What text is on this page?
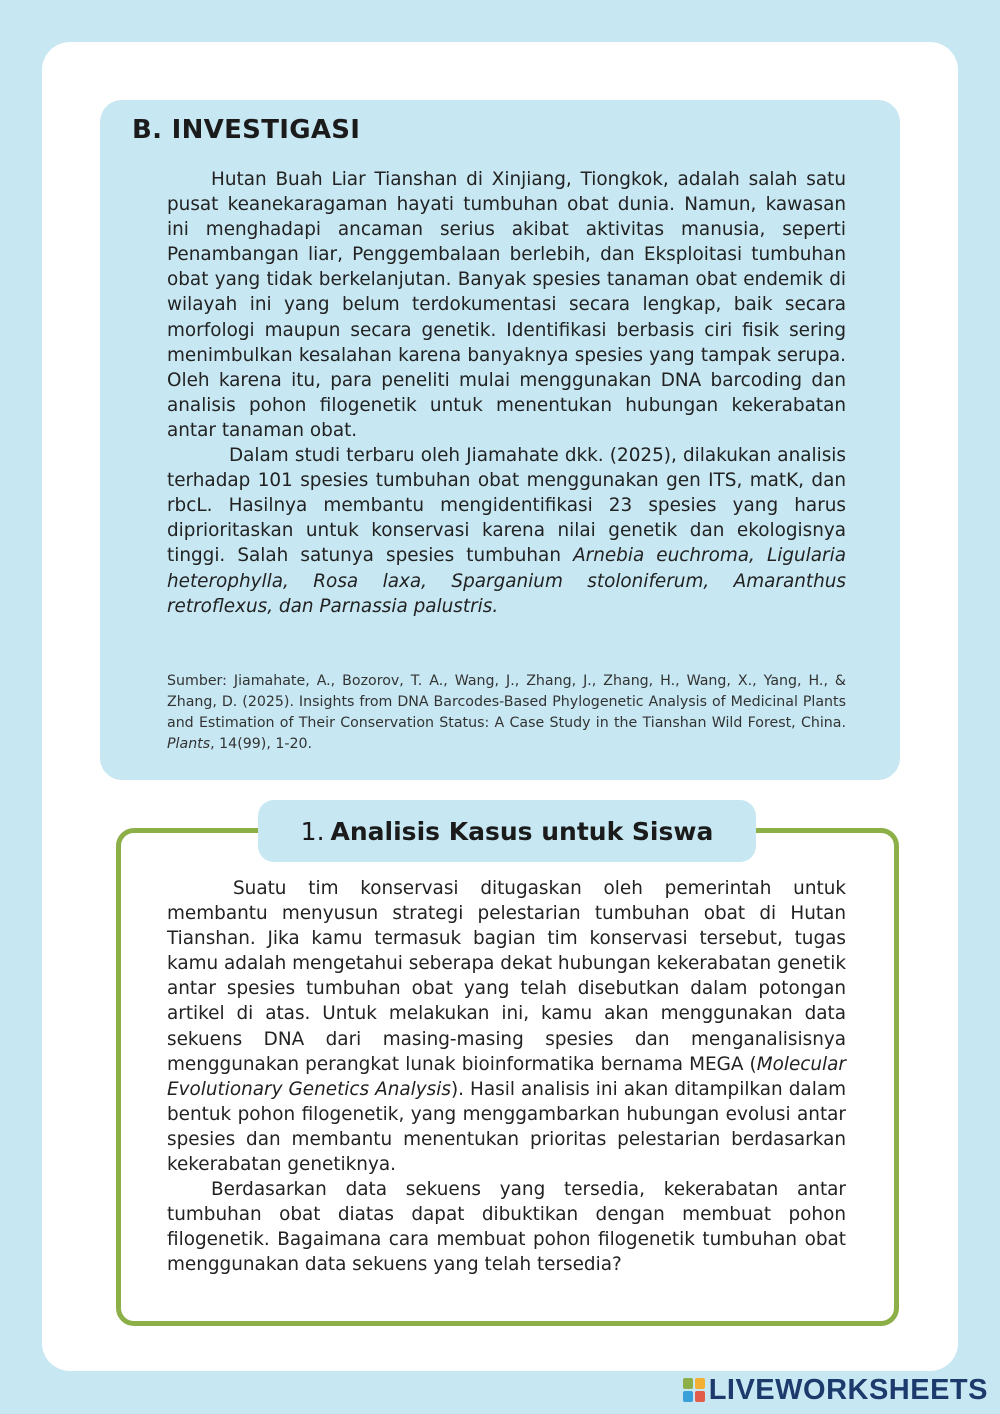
B. INVESTIGASI

Hutan Buah Liar Tianshan di Xinjiang, Tiongkok, adalah salah satu pusat keanekaragaman hayati tumbuhan obat dunia. Namun, kawasan ini menghadapi ancaman serius akibat aktivitas manusia, seperti Penambangan liar, Penggembalaan berlebih, dan Eksploitasi tumbuhan obat yang tidak berkelanjutan. Banyak spesies tanaman obat endemik di wilayah ini yang belum terdokumentasi secara lengkap, baik secara morfologi maupun secara genetik. Identifikasi berbasis ciri fisik sering menimbulkan kesalahan karena banyaknya spesies yang tampak serupa. Oleh karena itu, para peneliti mulai menggunakan DNA barcoding dan analisis pohon filogenetik untuk menentukan hubungan kekerabatan antar tanaman obat.

Dalam studi terbaru oleh Jiamahate dkk. (2025), dilakukan analisis terhadap 101 spesies tumbuhan obat menggunakan gen ITS, matK, dan rbcL. Hasilnya membantu mengidentifikasi 23 spesies yang harus diprioritaskan untuk konservasi karena nilai genetik dan ekologisnya tinggi. Salah satunya spesies tumbuhan Arnebia euchroma, Ligularia heterophylla, Rosa laxa, Sparganium stoloniferum, Amaranthus retroflexus, dan Parnassia palustris.

Sumber: Jiamahate, A., Bozorov, T. A., Wang, J., Zhang, J., Zhang, H., Wang, X., Yang, H., & Zhang, D. (2025). Insights from DNA Barcodes-Based Phylogenetic Analysis of Medicinal Plants and Estimation of Their Conservation Status: A Case Study in the Tianshan Wild Forest, China. Plants, 14(99), 1-20.
1. Analisis Kasus untuk Siswa

Suatu tim konservasi ditugaskan oleh pemerintah untuk membantu menyusun strategi pelestarian tumbuhan obat di Hutan Tianshan. Jika kamu termasuk bagian tim konservasi tersebut, tugas kamu adalah mengetahui seberapa dekat hubungan kekerabatan genetik antar spesies tumbuhan obat yang telah disebutkan dalam potongan artikel di atas. Untuk melakukan ini, kamu akan menggunakan data sekuens DNA dari masing-masing spesies dan menganalisisnya menggunakan perangkat lunak bioinformatika bernama MEGA (Molecular Evolutionary Genetics Analysis). Hasil analisis ini akan ditampilkan dalam bentuk pohon filogenetik, yang menggambarkan hubungan evolusi antar spesies dan membantu menentukan prioritas pelestarian berdasarkan kekerabatan genetiknya.

Berdasarkan data sekuens yang tersedia, kekerabatan antar tumbuhan obat diatas dapat dibuktikan dengan membuat pohon filogenetik. Bagaimana cara membuat pohon filogenetik tumbuhan obat menggunakan data sekuens yang telah tersedia?

LIVEWORKSHEETS
